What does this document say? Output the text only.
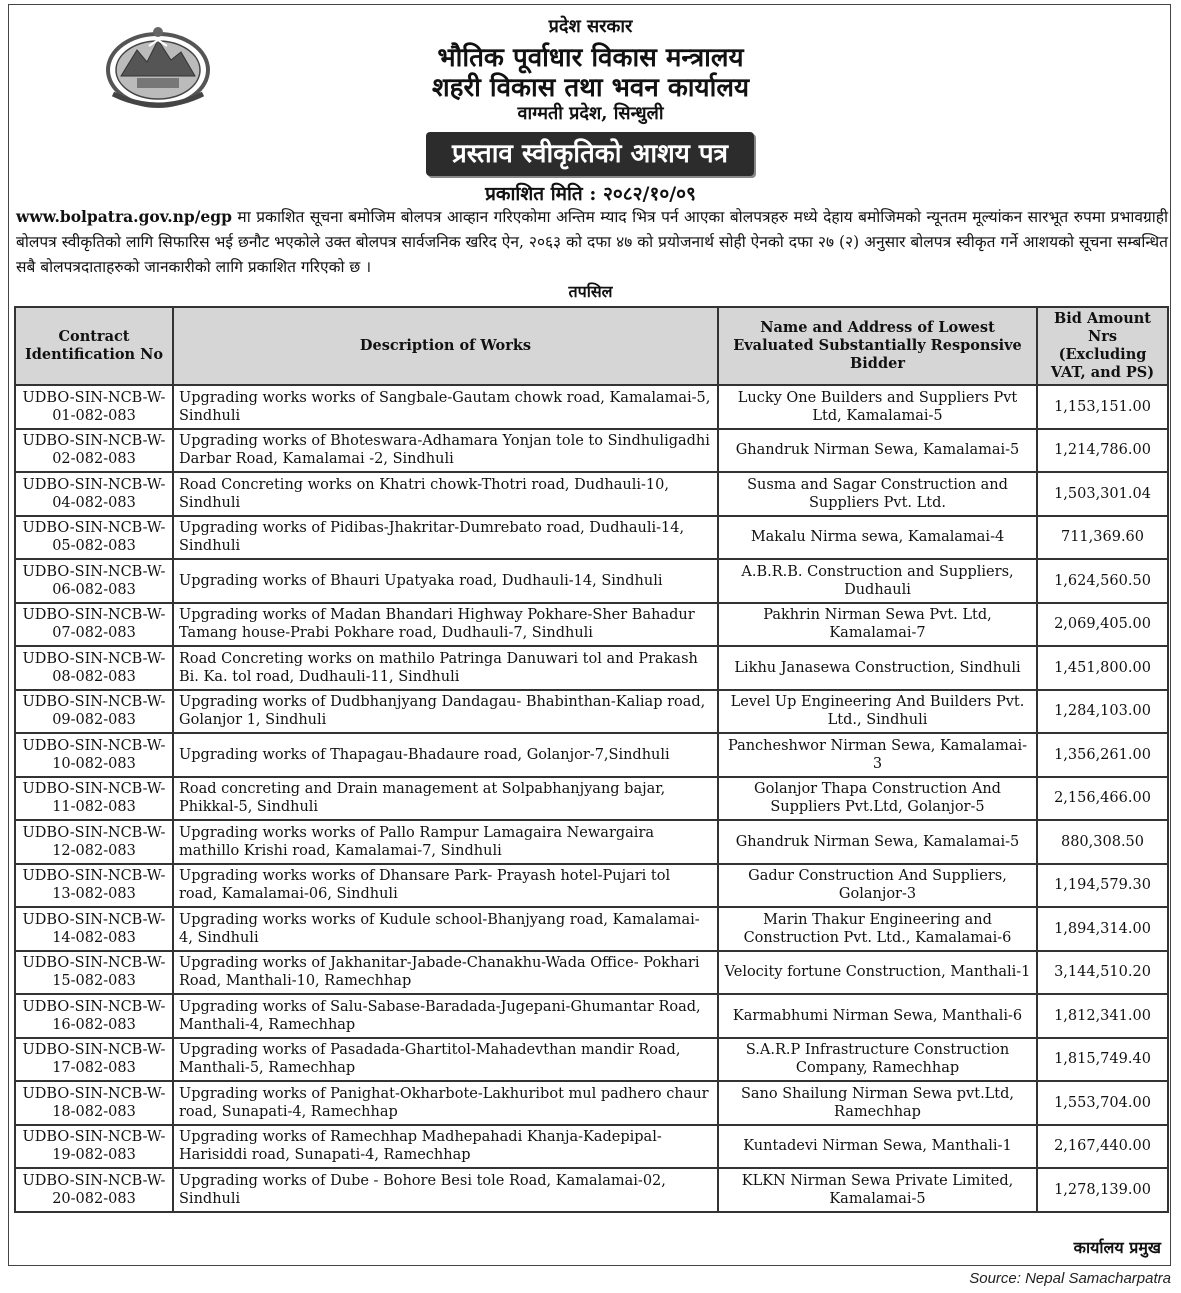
प्रदेश सरकार
भौतिक पूर्वाधार विकास मन्त्रालय
शहरी विकास तथा भवन कार्यालय
वाग्मती प्रदेश, सिन्धुली
प्रस्ताव स्वीकृतिको आशय पत्र
प्रकाशित मिति : २०८२/१०/०९
www.bolpatra.gov.np/egp मा प्रकाशित सूचना बमोजिम बोलपत्र आव्हान गरिएकोमा अन्तिम म्याद भित्र पर्न आएका बोलपत्रहरु मध्ये देहाय बमोजिमको न्यूनतम मूल्यांकन सारभूत रुपमा प्रभावग्राही बोलपत्र स्वीकृतिको लागि सिफारिस भई छनौट भएकोले उक्त बोलपत्र सार्वजनिक खरिद ऐन, २०६३ को दफा ४७ को प्रयोजनार्थ सोही ऐनको दफा २७ (२) अनुसार बोलपत्र स्वीकृत गर्ने आशयको सूचना सम्बन्धित सबै बोलपत्रदाताहरुको जानकारीको लागि प्रकाशित गरिएको छ ।
तपसिल
Contract Identification No	Description of Works	Name and Address of Lowest Evaluated Substantially Responsive Bidder	Bid Amount Nrs (Excluding VAT, and PS)
UDBO-SIN-NCB-W-01-082-083	Upgrading works works of Sangbale-Gautam chowk road, Kamalamai-5, Sindhuli	Lucky One Builders and Suppliers Pvt Ltd, Kamalamai-5	1,153,151.00
UDBO-SIN-NCB-W-02-082-083	Upgrading works of Bhoteswara-Adhamara Yonjan tole to Sindhuligadhi Darbar Road, Kamalamai -2, Sindhuli	Ghandruk Nirman Sewa, Kamalamai-5	1,214,786.00
UDBO-SIN-NCB-W-04-082-083	Road Concreting works on Khatri chowk-Thotri road, Dudhauli-10, Sindhuli	Susma and Sagar Construction and Suppliers Pvt. Ltd.	1,503,301.04
UDBO-SIN-NCB-W-05-082-083	Upgrading works of Pidibas-Jhakritar-Dumrebato road, Dudhauli-14, Sindhuli	Makalu Nirma sewa, Kamalamai-4	711,369.60
UDBO-SIN-NCB-W-06-082-083	Upgrading works of Bhauri Upatyaka road, Dudhauli-14, Sindhuli	A.B.R.B. Construction and Suppliers, Dudhauli	1,624,560.50
UDBO-SIN-NCB-W-07-082-083	Upgrading works of Madan Bhandari Highway Pokhare-Sher Bahadur Tamang house-Prabi Pokhare road, Dudhauli-7, Sindhuli	Pakhrin Nirman Sewa Pvt. Ltd, Kamalamai-7	2,069,405.00
UDBO-SIN-NCB-W-08-082-083	Road Concreting works on mathilo Patringa Danuwari tol and Prakash Bi. Ka. tol road, Dudhauli-11, Sindhuli	Likhu Janasewa Construction, Sindhuli	1,451,800.00
UDBO-SIN-NCB-W-09-082-083	Upgrading works of Dudbhanjyang Dandagau- Bhabinthan-Kaliap road, Golanjor 1, Sindhuli	Level Up Engineering And Builders Pvt. Ltd., Sindhuli	1,284,103.00
UDBO-SIN-NCB-W-10-082-083	Upgrading works of Thapagau-Bhadaure road, Golanjor-7,Sindhuli	Pancheshwor Nirman Sewa, Kamalamai-3	1,356,261.00
UDBO-SIN-NCB-W-11-082-083	Road concreting and Drain management at Solpabhanjyang bajar, Phikkal-5, Sindhuli	Golanjor Thapa Construction And Suppliers Pvt.Ltd, Golanjor-5	2,156,466.00
UDBO-SIN-NCB-W-12-082-083	Upgrading works works of Pallo Rampur Lamagaira Newargaira mathillo Krishi road, Kamalamai-7, Sindhuli	Ghandruk Nirman Sewa, Kamalamai-5	880,308.50
UDBO-SIN-NCB-W-13-082-083	Upgrading works works of Dhansare Park- Prayash hotel-Pujari tol road, Kamalamai-06, Sindhuli	Gadur Construction And Suppliers, Golanjor-3	1,194,579.30
UDBO-SIN-NCB-W-14-082-083	Upgrading works works of Kudule school-Bhanjyang road, Kamalamai-4, Sindhuli	Marin Thakur Engineering and Construction Pvt. Ltd., Kamalamai-6	1,894,314.00
UDBO-SIN-NCB-W-15-082-083	Upgrading works of Jakhanitar-Jabade-Chanakhu-Wada Office- Pokhari Road, Manthali-10, Ramechhap	Velocity fortune Construction, Manthali-1	3,144,510.20
UDBO-SIN-NCB-W-16-082-083	Upgrading works of Salu-Sabase-Baradada-Jugepani-Ghumantar Road, Manthali-4, Ramechhap	Karmabhumi Nirman Sewa, Manthali-6	1,812,341.00
UDBO-SIN-NCB-W-17-082-083	Upgrading works of Pasadada-Ghartitol-Mahadevthan mandir Road, Manthali-5, Ramechhap	S.A.R.P Infrastructure Construction Company, Ramechhap	1,815,749.40
UDBO-SIN-NCB-W-18-082-083	Upgrading works of Panighat-Okharbote-Lakhuribot mul padhero chaur road, Sunapati-4, Ramechhap	Sano Shailung Nirman Sewa pvt.Ltd, Ramechhap	1,553,704.00
UDBO-SIN-NCB-W-19-082-083	Upgrading works of Ramechhap Madhepahadi Khanja-Kadepipal-Harisiddi road, Sunapati-4, Ramechhap	Kuntadevi Nirman Sewa, Manthali-1	2,167,440.00
UDBO-SIN-NCB-W-20-082-083	Upgrading works of Dube - Bohore Besi tole Road, Kamalamai-02, Sindhuli	KLKN Nirman Sewa Private Limited, Kamalamai-5	1,278,139.00
कार्यालय प्रमुख
Source: Nepal Samacharpatra
